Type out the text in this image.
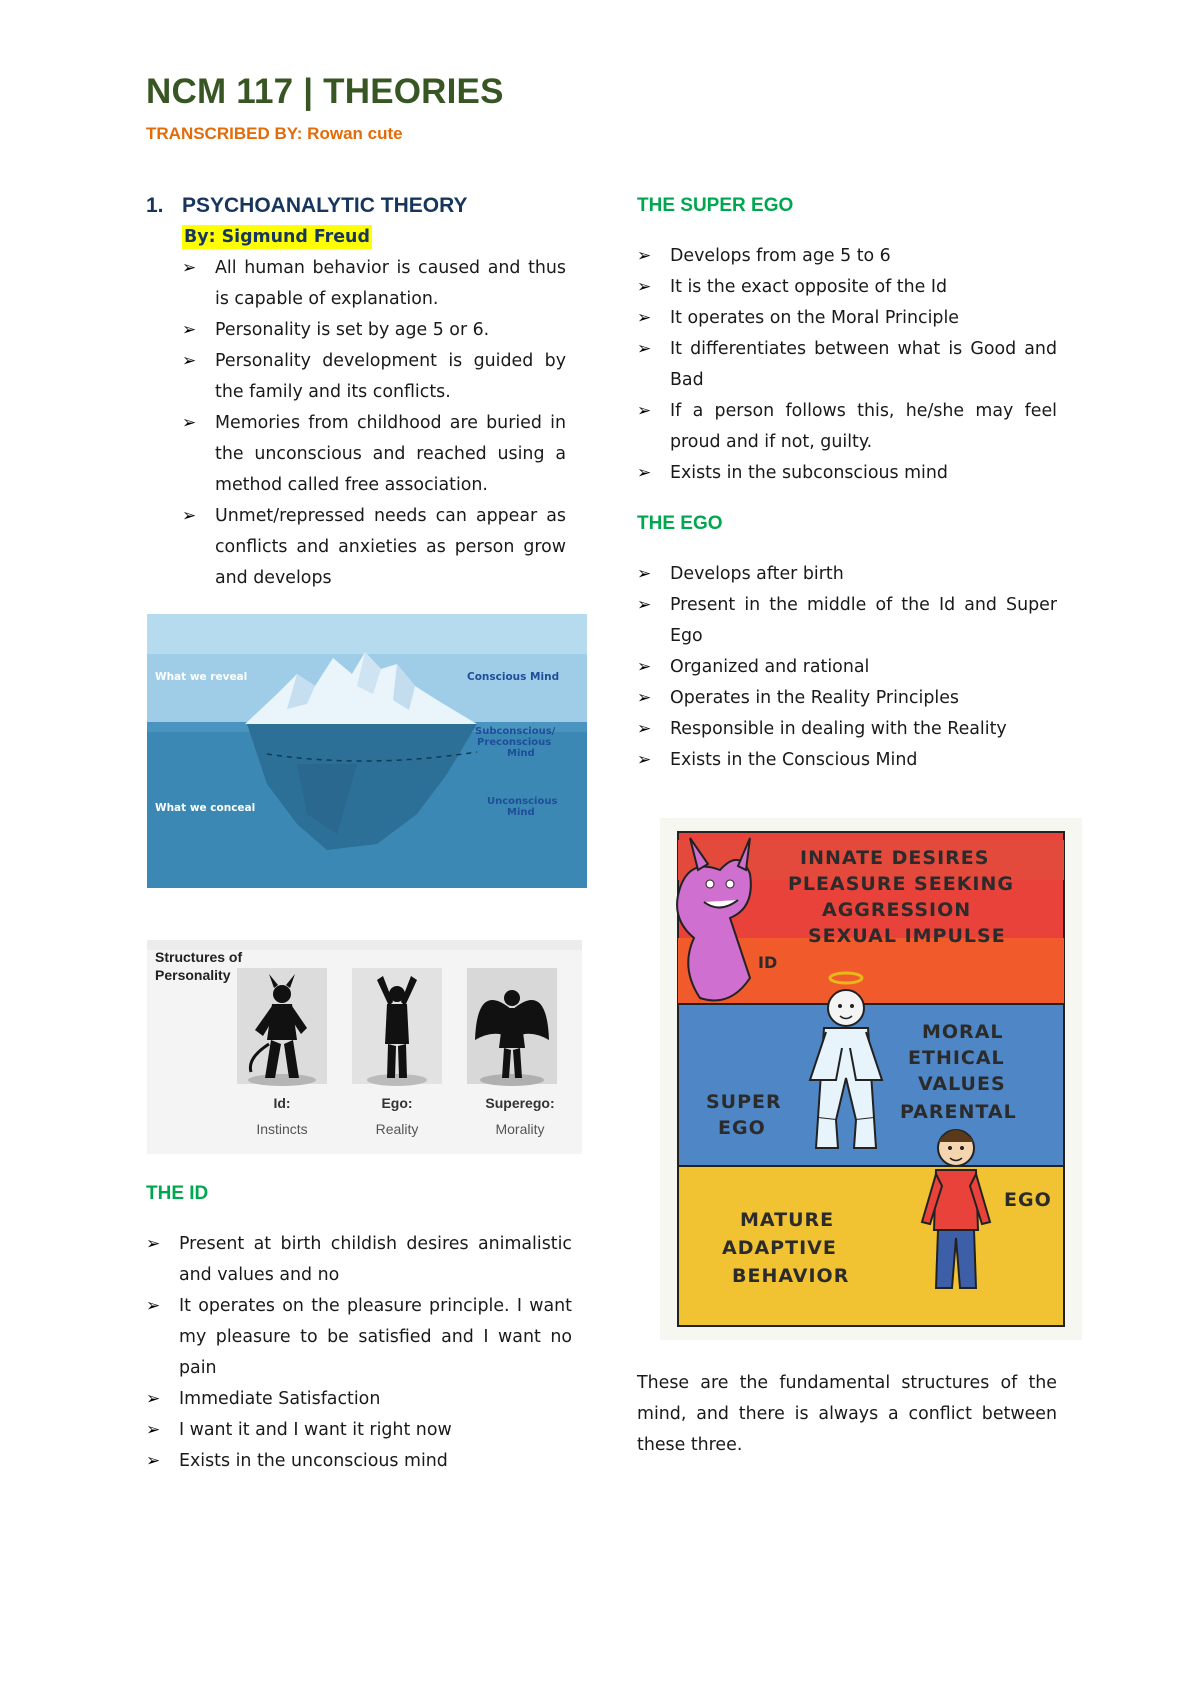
NCM 117 | THEORIES
TRANSCRIBED BY: Rowan cute
1. PSYCHOANALYTIC THEORY
By: Sigmund Freud
➢ All human behavior is caused and thus is capable of explanation.
➢ Personality is set by age 5 or 6.
➢ Personality development is guided by the family and its conflicts.
➢ Memories from childhood are buried in the unconscious and reached using a method called free association.
➢ Unmet/repressed needs can appear as conflicts and anxieties as person grow and develops
What we reveal
What we conceal
Conscious Mind
Subconscious/
Preconscious
Mind
Unconscious
Mind
Structures of
Personality
Id:
Instincts
Ego:
Reality
Superego:
Morality
THE ID
➢ Present at birth childish desires animalistic and values and no
➢ It operates on the pleasure principle. I want my pleasure to be satisfied and I want no pain
➢ Immediate Satisfaction
➢ I want it and I want it right now
➢ Exists in the unconscious mind
THE SUPER EGO
➢ Develops from age 5 to 6
➢ It is the exact opposite of the Id
➢ It operates on the Moral Principle
➢ It differentiates between what is Good and Bad
➢ If a person follows this, he/she may feel proud and if not, guilty.
➢ Exists in the subconscious mind
THE EGO
➢ Develops after birth
➢ Present in the middle of the Id and Super Ego
➢ Organized and rational
➢ Operates in the Reality Principles
➢ Responsible in dealing with the Reality
➢ Exists in the Conscious Mind
INNATE DESIRES
PLEASURE SEEKING
AGGRESSION
SEXUAL IMPULSE
ID
MORAL
ETHICAL
VALUES
PARENTAL
SUPER
EGO
EGO
MATURE
ADAPTIVE
BEHAVIOR

These are the fundamental structures of the mind, and there is always a conflict between these three.
